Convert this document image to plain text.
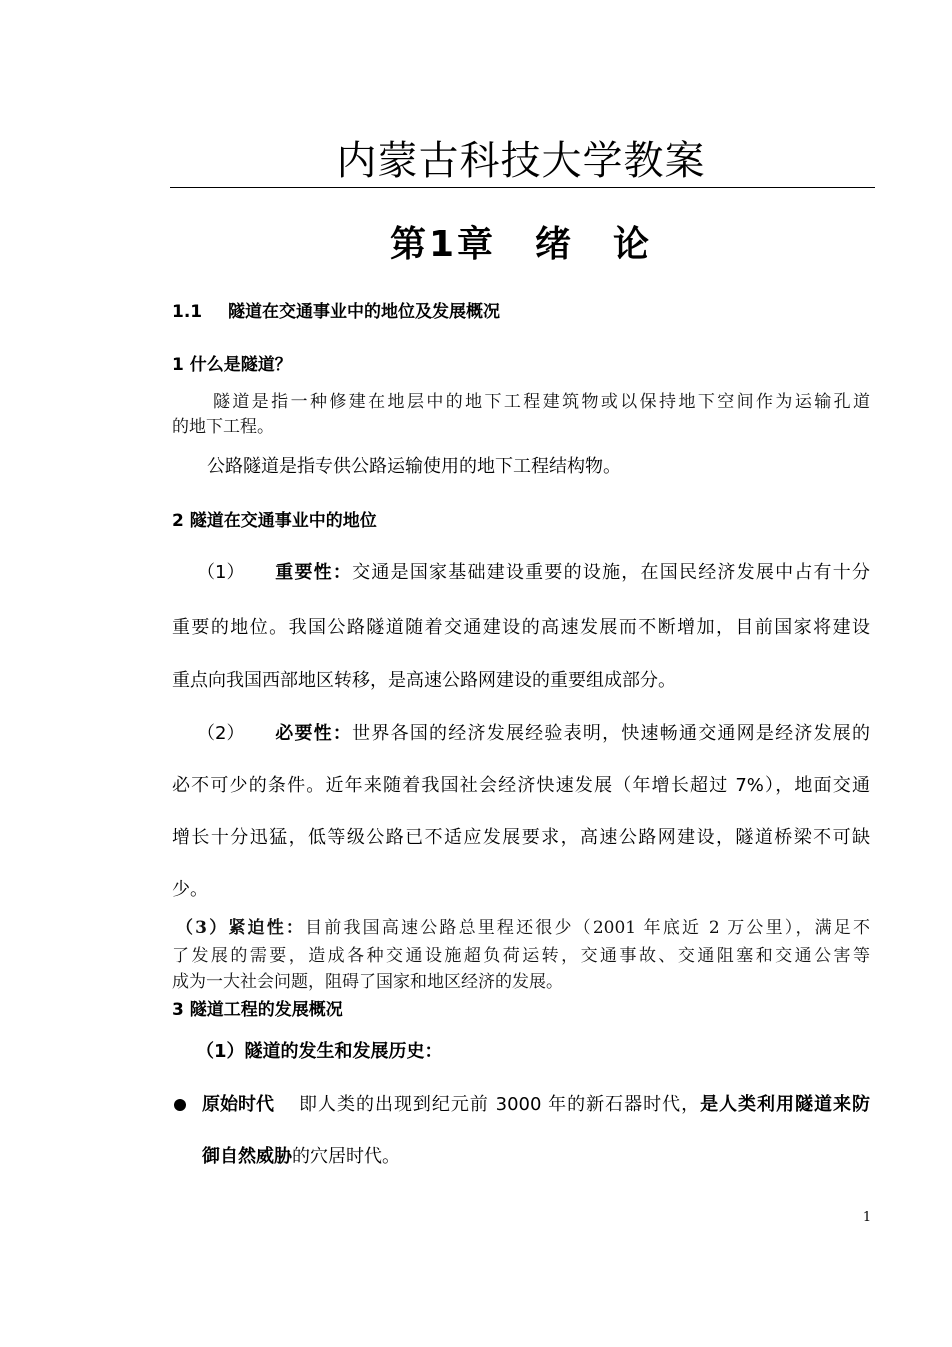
内蒙古科技大学教案
第1章　绪　论
1.1 隧道在交通事业中的地位及发展概况
1 什么是隧道？
隧道是指一种修建在地层中的地下工程建筑物或以保持地下空间作为运输孔道
的地下工程。
公路隧道是指专供公路运输使用的地下工程结构物。
2 隧道在交通事业中的地位
（1） 重要性：交通是国家基础建设重要的设施，在国民经济发展中占有十分
重要的地位。我国公路隧道随着交通建设的高速发展而不断增加，目前国家将建设
重点向我国西部地区转移，是高速公路网建设的重要组成部分。
（2） 必要性：世界各国的经济发展经验表明，快速畅通交通网是经济发展的
必不可少的条件。近年来随着我国社会经济快速发展（年增长超过 7%），地面交通
增长十分迅猛，低等级公路已不适应发展要求，高速公路网建设，隧道桥梁不可缺
少。
（3）紧迫性：目前我国高速公路总里程还很少（2001 年底近 2 万公里），满足不
了发展的需要，造成各种交通设施超负荷运转，交通事故、交通阻塞和交通公害等
成为一大社会问题，阻碍了国家和地区经济的发展。
3 隧道工程的发展概况
（1）隧道的发生和发展历史：
原始时代 即人类的出现到纪元前 3000 年的新石器时代，是人类利用隧道来防
御自然威胁的穴居时代。
1
